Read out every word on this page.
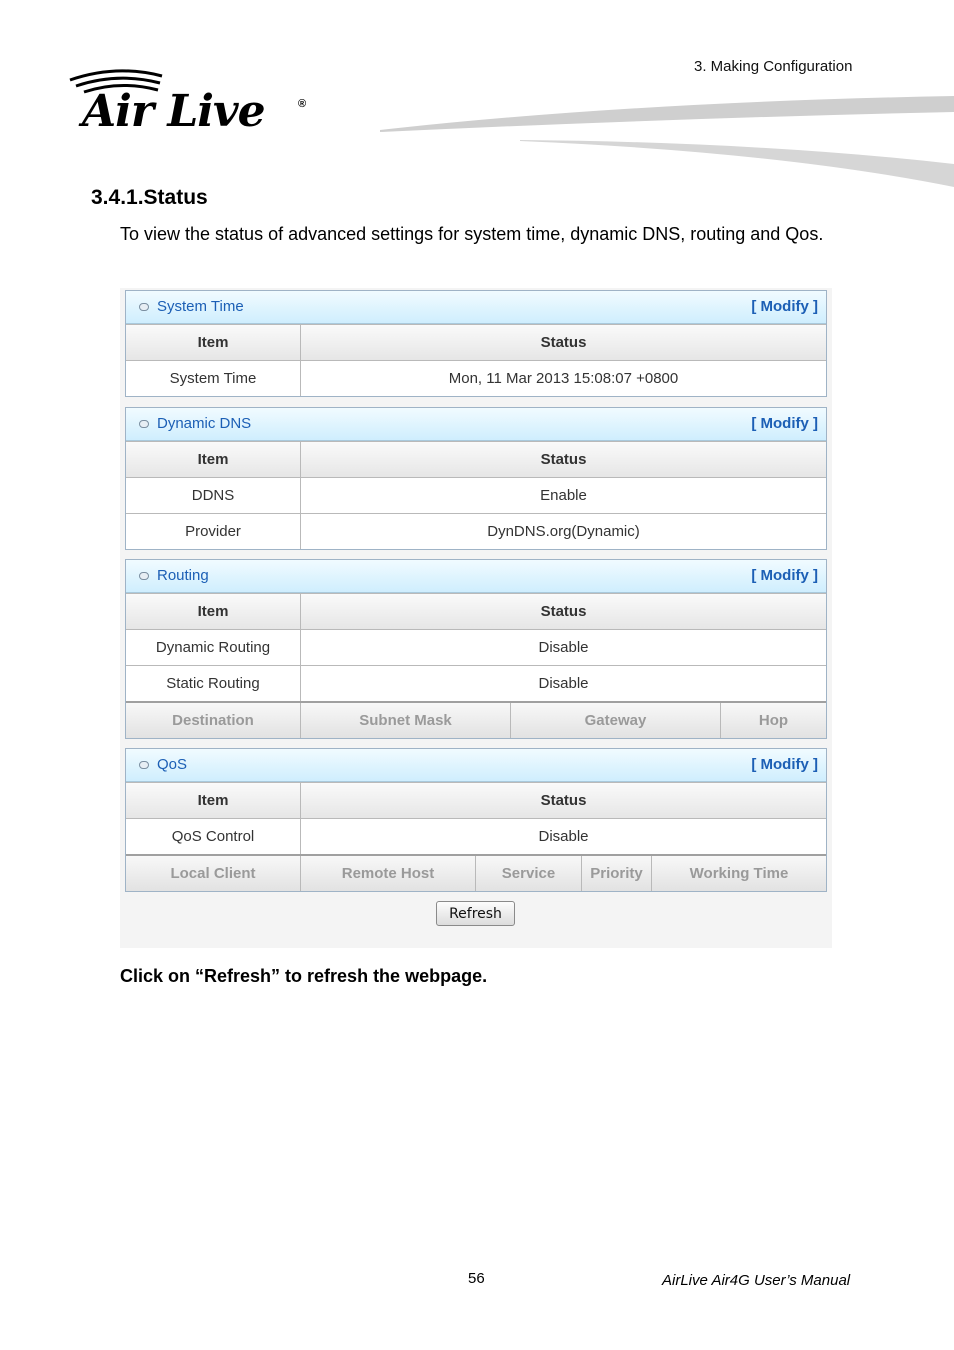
3. Making Configuration
Air Live	®
3.4.1.Status
To view the status of advanced settings for system time, dynamic DNS, routing and Qos.
System Time	[ Modify ]
Item	Status
System Time	Mon, 11 Mar 2013 15:08:07 +0800
Dynamic DNS	[ Modify ]
Item	Status
DDNS	Enable
Provider	DynDNS.org(Dynamic)
Routing	[ Modify ]
Item	Status
Dynamic Routing	Disable
Static Routing	Disable
Destination	Subnet Mask	Gateway	Hop
QoS	[ Modify ]
Item	Status
QoS Control	Disable
Local Client	Remote Host	Service	Priority	Working Time
Refresh
Click on “Refresh” to refresh the webpage.
56	AirLive Air4G User’s Manual
